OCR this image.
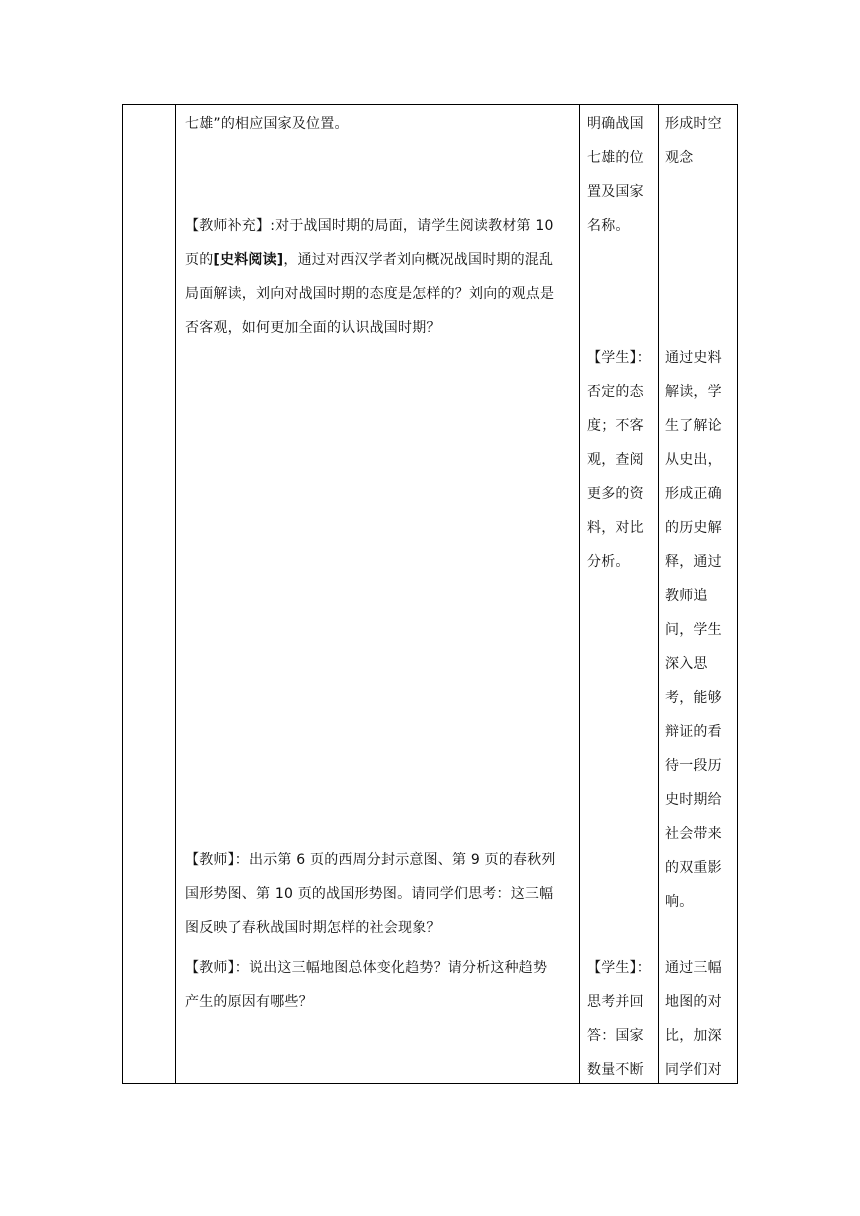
七雄”的相应国家及位置。
【教师补充】:对于战国时期的局面，请学生阅读教材第 10
页的[史料阅读]，通过对西汉学者刘向概况战国时期的混乱
局面解读，刘向对战国时期的态度是怎样的？刘向的观点是
否客观，如何更加全面的认识战国时期？
【教师】：出示第 6 页的西周分封示意图、第 9 页的春秋列
国形势图、第 10 页的战国形势图。请同学们思考：这三幅
图反映了春秋战国时期怎样的社会现象？
【教师】：说出这三幅地图总体变化趋势？请分析这种趋势
产生的原因有哪些？
明确战国
七雄的位
置及国家
名称。
【学生】：
否定的态
度；不客
观，查阅
更多的资
料，对比
分析。
【学生】：
思考并回
答：国家
数量不断
形成时空
观念
通过史料
解读，学
生了解论
从史出，
形成正确
的历史解
释，通过
教师追
问，学生
深入思
考，能够
辩证的看
待一段历
史时期给
社会带来
的双重影
响。
通过三幅
地图的对
比，加深
同学们对
